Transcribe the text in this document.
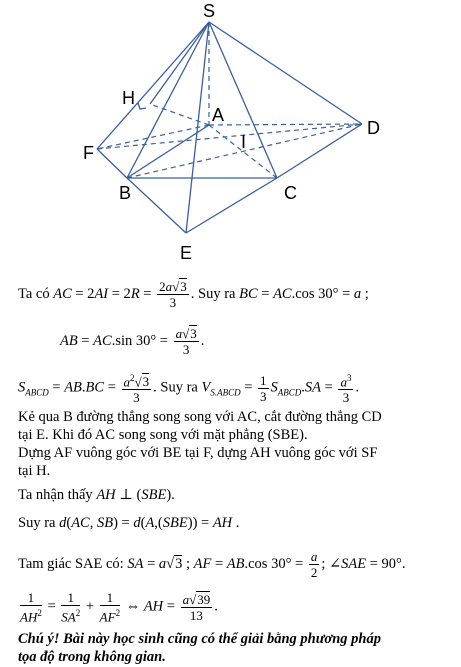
S
H
A
I
D
F
B	C
E
Ta có AC = $2AI = 2R = \frac{2a√3}{3}$ . Suy ra BC = AC.cos 30° = a ;
AB = AC.sin $30^\circ = \frac{a√3}{3}$ .
$S_{ABCD} = AB.BC = \frac{a^2√3}{3}$ . Suy ra $V_{S.ABCD} = \frac{1}{3} S_{ABCD}.SA = \frac{a^3}{3}$ .
Kẻ qua B đường thẳng song song với AC, cắt đường thẳng CD
tại E. Khi đó AC song song với mặt phẳng (SBE).
Dựng AF vuông góc với BE tại F, dựng AH vuông góc với SF
tại H.
Ta nhận thấy AH ⊥ (SBE).
Suy ra d(AC, SB) = d(A,(SBE)) = AH .
Tam giác SAE có: SA = a√3 ; AF = AB.cos $30^\circ = \frac{a}{2}$ ; ∠SAE = 90°.
$\frac{1}{AH^2} = \frac{1}{SA^2} + \frac{1}{AF^2}$ ⇔ AH = $\frac{a√39}{13}$ .
Chú ý! Bài này học sinh cũng có thể giải bằng phương pháp
tọa độ trong không gian.
